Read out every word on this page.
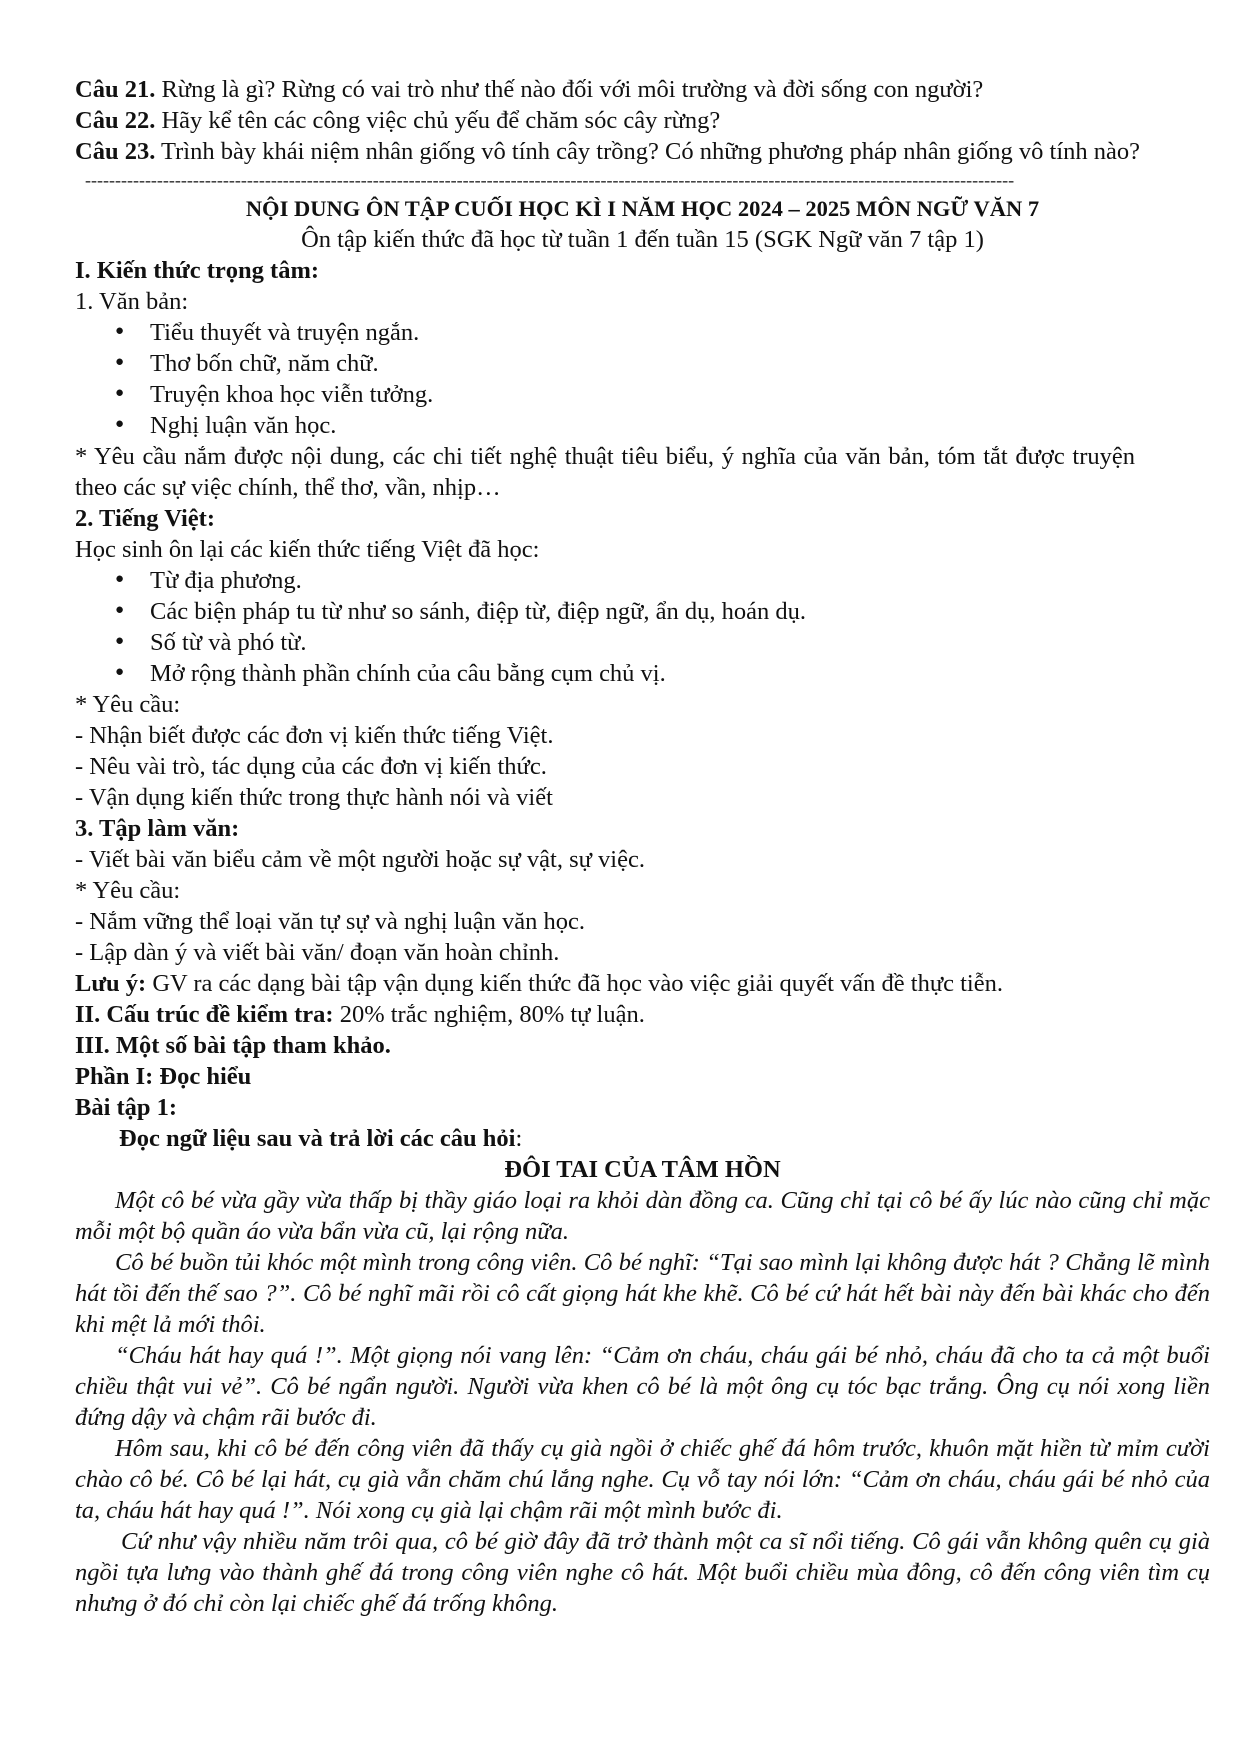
Câu 21. Rừng là gì? Rừng có vai trò như thế nào đối với môi trường và đời sống con người?

Câu 22. Hãy kể tên các công việc chủ yếu để chăm sóc cây rừng?

Câu 23. Trình bày khái niệm nhân giống vô tính cây trồng? Có những phương pháp nhân giống vô tính nào?

-----------------------------------------------------------------------------------------------------------------------------------------------------------

NỘI DUNG ÔN TẬP CUỐI HỌC KÌ I NĂM HỌC 2024 – 2025 MÔN NGỮ VĂN 7

Ôn tập kiến thức đã học từ tuần 1 đến tuần 15 (SGK Ngữ văn 7 tập 1)

I. Kiến thức trọng tâm:

1. Văn bản:

● Tiểu thuyết và truyện ngắn.
● Thơ bốn chữ, năm chữ.
● Truyện khoa học viễn tưởng.
● Nghị luận văn học.

* Yêu cầu nắm được nội dung, các chi tiết nghệ thuật tiêu biểu, ý nghĩa của văn bản, tóm tắt được truyện theo các sự việc chính, thể thơ, vần, nhịp…

2. Tiếng Việt:

Học sinh ôn lại các kiến thức tiếng Việt đã học:

● Từ địa phương.
● Các biện pháp tu từ như so sánh, điệp từ, điệp ngữ, ẩn dụ, hoán dụ.
● Số từ và phó từ.
● Mở rộng thành phần chính của câu bằng cụm chủ vị.

* Yêu cầu:

- Nhận biết được các đơn vị kiến thức tiếng Việt.

- Nêu vài trò, tác dụng của các đơn vị kiến thức.

- Vận dụng kiến thức trong thực hành nói và viết

3. Tập làm văn:

- Viết bài văn biểu cảm về một người hoặc sự vật, sự việc.

* Yêu cầu:

- Nắm vững thể loại văn tự sự và nghị luận văn học.

- Lập dàn ý và viết bài văn/ đoạn văn hoàn chỉnh.

Lưu ý: GV ra các dạng bài tập vận dụng kiến thức đã học vào việc giải quyết vấn đề thực tiễn.

II. Cấu trúc đề kiểm tra: 20% trắc nghiệm, 80% tự luận.

III. Một số bài tập tham khảo.

Phần I: Đọc hiểu

Bài tập 1:

Đọc ngữ liệu sau và trả lời các câu hỏi:

ĐÔI TAI CỦA TÂM HỒN

Một cô bé vừa gầy vừa thấp bị thầy giáo loại ra khỏi dàn đồng ca. Cũng chỉ tại cô bé ấy lúc nào cũng chỉ mặc mỗi một bộ quần áo vừa bẩn vừa cũ, lại rộng nữa.

Cô bé buồn tủi khóc một mình trong công viên. Cô bé nghĩ: “Tại sao mình lại không được hát ? Chẳng lẽ mình hát tồi đến thế sao ?”. Cô bé nghĩ mãi rồi cô cất giọng hát khe khẽ. Cô bé cứ hát hết bài này đến bài khác cho đến khi mệt lả mới thôi.

“Cháu hát hay quá !”. Một giọng nói vang lên: “Cảm ơn cháu, cháu gái bé nhỏ, cháu đã cho ta cả một buổi chiều thật vui vẻ”. Cô bé ngẩn người. Người vừa khen cô bé là một ông cụ tóc bạc trắng. Ông cụ nói xong liền đứng dậy và chậm rãi bước đi.

Hôm sau, khi cô bé đến công viên đã thấy cụ già ngồi ở chiếc ghế đá hôm trước, khuôn mặt hiền từ mỉm cười chào cô bé. Cô bé lại hát, cụ già vẫn chăm chú lắng nghe. Cụ vỗ tay nói lớn: “Cảm ơn cháu, cháu gái bé nhỏ của ta, cháu hát hay quá !”. Nói xong cụ già lại chậm rãi một mình bước đi.

Cứ như vậy nhiều năm trôi qua, cô bé giờ đây đã trở thành một ca sĩ nổi tiếng. Cô gái vẫn không quên cụ già ngồi tựa lưng vào thành ghế đá trong công viên nghe cô hát. Một buổi chiều mùa đông, cô đến công viên tìm cụ nhưng ở đó chỉ còn lại chiếc ghế đá trống không.
